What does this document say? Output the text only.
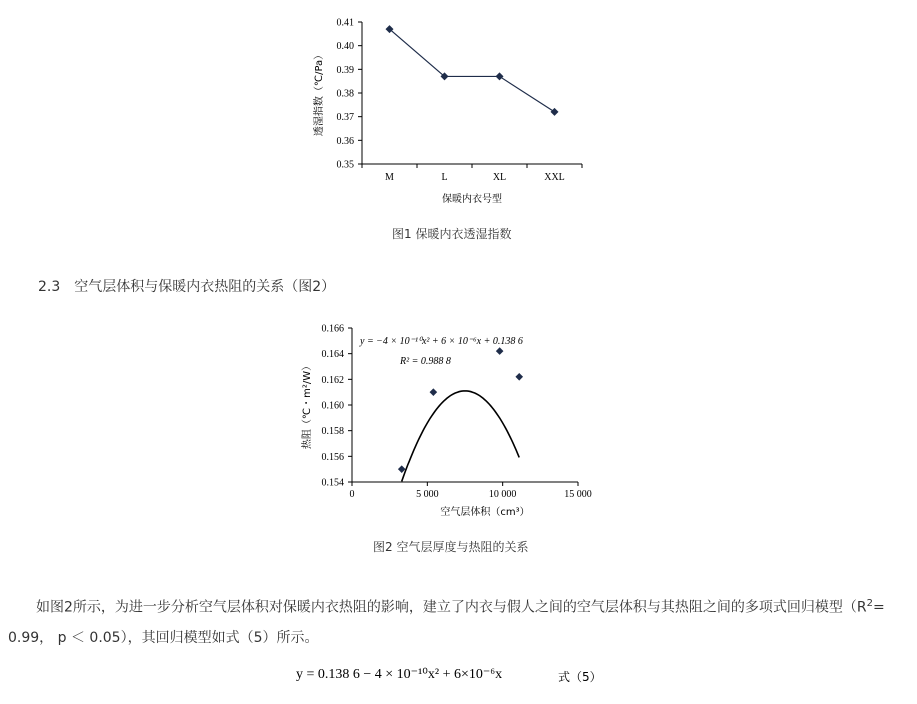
0.35
0.36
0.37
0.38
0.39
0.40
0.41
M	L	XL	XXL
保暖内衣号型
透湿指数（℃/Pa）
图1 保暖内衣透湿指数
2.3 空气层体积与保暖内衣热阻的关系（图2）
0.154
0.156
0.158
0.160
0.162
0.164
0.166
0	5 000	10 000	15 000
y = −4 × 10⁻¹⁰x² + 6 × 10⁻⁶x + 0.138 6
R² = 0.988 8
空气层体积（cm³）
热阻（℃・m²/W）
图2 空气层厚度与热阻的关系
如图2所示，为进一步分析空气层体积对保暖内衣热阻的影响，建立了内衣与假人之间的空气层体积与其热阻之间的多项式回归模型（$R^2= 0.99$， p ＜ 0.05），其回归模型如式（5）所示。
y = 0.138 6 − 4 × 10⁻¹⁰x² + 6×10⁻⁶x	式（5）
